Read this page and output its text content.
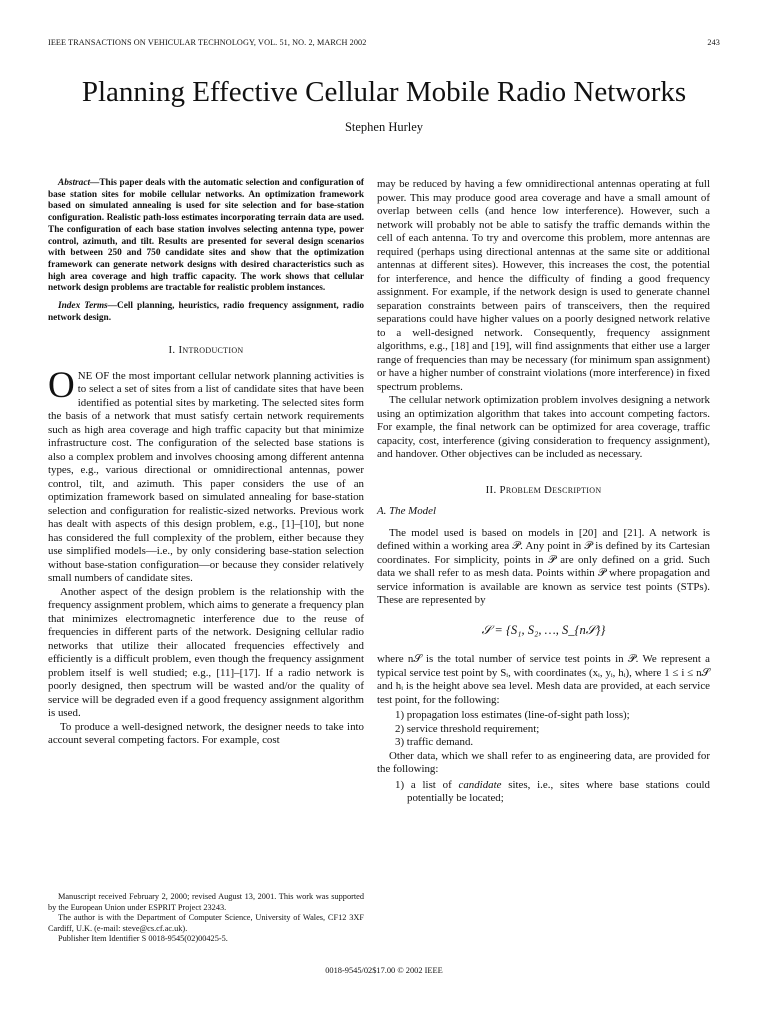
IEEE TRANSACTIONS ON VEHICULAR TECHNOLOGY, VOL. 51, NO. 2, MARCH 2002	243
Planning Effective Cellular Mobile Radio Networks
Stephen Hurley

Abstract—This paper deals with the automatic selection and configuration of base station sites for mobile cellular networks. An optimization framework based on simulated annealing is used for site selection and for base-station configuration. Realistic path-loss estimates incorporating terrain data are used. The configuration of each base station involves selecting antenna type, power control, azimuth, and tilt. Results are presented for several design scenarios with between 250 and 750 candidate sites and show that the optimization framework can generate network designs with desired characteristics such as high area coverage and high traffic capacity. The work shows that cellular network design problems are tractable for realistic problem instances.

Index Terms—Cell planning, heuristics, radio frequency assignment, radio network design.

I. Introduction

ONE OF the most important cellular network planning activities is to select a set of sites from a list of candidate sites that have been identified as potential sites by marketing. The selected sites form the basis of a network that must satisfy certain network requirements such as high area coverage and high traffic capacity but that minimize infrastructure cost. The configuration of the selected base stations is also a complex problem and involves choosing among different antenna types, e.g., various directional or omnidirectional antennas, power control, tilt, and azimuth. This paper considers the use of an optimization framework based on simulated annealing for base-station selection and configuration for realistic-sized networks. Previous work has dealt with aspects of this design problem, e.g., [1]–[10], but none has considered the full complexity of the problem, either because they use simplified models—i.e., by only considering base-station selection without base-station configuration—or because they consider relatively small numbers of candidate sites.

Another aspect of the design problem is the relationship with the frequency assignment problem, which aims to generate a frequency plan that minimizes electromagnetic interference due to the reuse of frequencies in different parts of the network. Designing cellular radio networks that utilize their allocated frequencies effectively and efficiently is a difficult problem, even though the frequency assignment problem itself is well studied; e.g., [11]–[17]. If a radio network is poorly designed, then spectrum will be wasted and/or the quality of service will be degraded even if a good frequency assignment algorithm is used.

To produce a well-designed network, the designer needs to take into account several competing factors. For example, cost

may be reduced by having a few omnidirectional antennas operating at full power. This may produce good area coverage and have a small amount of overlap between cells (and hence low interference). However, such a network will probably not be able to satisfy the traffic demands within the cell of each antenna. To try and overcome this problem, more antennas are required (perhaps using directional antennas at the same site or additional antennas at different sites). However, this increases the cost, the potential for interference, and hence the difficulty of finding a good frequency assignment. For example, if the network design is used to generate channel separation constraints between pairs of transceivers, then the required separations could have higher values on a poorly designed network relative to a well-designed network. Consequently, frequency assignment algorithms, e.g., [18] and [19], will find assignments that either use a larger range of frequencies than may be necessary (for minimum span assignment) or have a higher number of constraint violations (more interference) in fixed spectrum problems.

The cellular network optimization problem involves designing a network using an optimization algorithm that takes into account competing factors. For example, the final network can be optimized for area coverage, traffic capacity, cost, interference (giving consideration to frequency assignment), and handover. Other objectives can be included as necessary.

II. Problem Description
A. The Model

The model used is based on models in [20] and [21]. A network is defined within a working area 𝒫. Any point in 𝒫 is defined by its Cartesian coordinates. For simplicity, points in 𝒫 are only defined on a grid. Such data we shall refer to as mesh data. Points within 𝒫 where propagation and service information is available are known as service test points (STPs). These are represented by

𝒮 = {S₁, S₂, …, S_{n𝒮}}

where n𝒮 is the total number of service test points in 𝒫. We represent a typical service test point by Sᵢ, with coordinates (xᵢ, yᵢ, hᵢ), where 1 ≤ i ≤ n𝒮 and hᵢ is the height above sea level. Mesh data are provided, at each service test point, for the following:

1) propagation loss estimates (line-of-sight path loss);
2) service threshold requirement;
3) traffic demand.

Other data, which we shall refer to as engineering data, are provided for the following:

1) a list of candidate sites, i.e., sites where base stations could potentially be located;

Manuscript received February 2, 2000; revised August 13, 2001. This work was supported by the European Union under ESPRIT Project 23243.

The author is with the Department of Computer Science, University of Wales, CF12 3XF Cardiff, U.K. (e-mail: steve@cs.cf.ac.uk).

Publisher Item Identifier S 0018-9545(02)00425-5.

0018-9545/02$17.00 © 2002 IEEE
